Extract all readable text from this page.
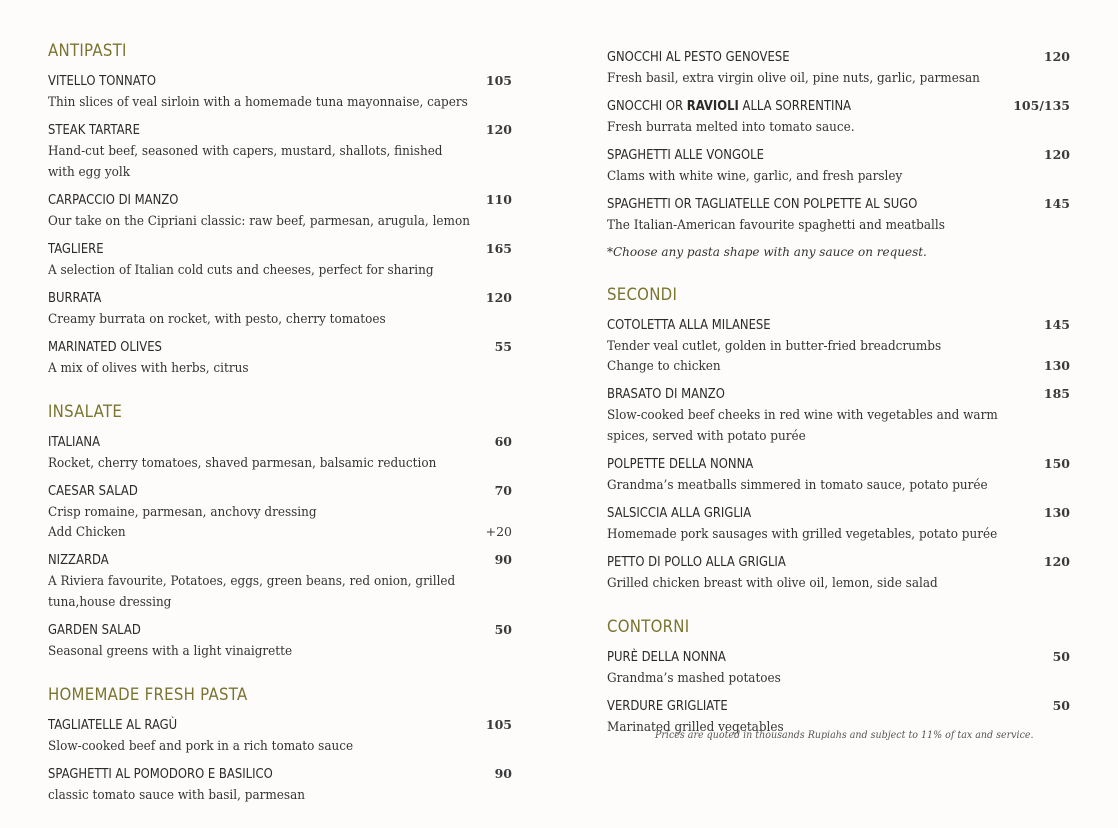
ANTIPASTI
VITELLO TONNATO	105
Thin slices of veal sirloin with a homemade tuna mayonnaise, capers
STEAK TARTARE	120
Hand-cut beef, seasoned with capers, mustard, shallots, finished
with egg yolk
CARPACCIO DI MANZO	110
Our take on the Cipriani classic: raw beef, parmesan, arugula, lemon
TAGLIERE	165
A selection of Italian cold cuts and cheeses, perfect for sharing
BURRATA	120
Creamy burrata on rocket, with pesto, cherry tomatoes
MARINATED OLIVES	55
A mix of olives with herbs, citrus
INSALATE
ITALIANA	60
Rocket, cherry tomatoes, shaved parmesan, balsamic reduction
CAESAR SALAD	70
Crisp romaine, parmesan, anchovy dressing
Add Chicken	+20
NIZZARDA	90
A Riviera favourite, Potatoes, eggs, green beans, red onion, grilled
tuna,house dressing
GARDEN SALAD	50
Seasonal greens with a light vinaigrette
HOMEMADE FRESH PASTA
TAGLIATELLE AL RAGÙ	105
Slow-cooked beef and pork in a rich tomato sauce
SPAGHETTI AL POMODORO E BASILICO	90
classic tomato sauce with basil, parmesan
GNOCCHI AL PESTO GENOVESE	120
Fresh basil, extra virgin olive oil, pine nuts, garlic, parmesan
GNOCCHI OR RAVIOLI ALLA SORRENTINA	105/135
Fresh burrata melted into tomato sauce.
SPAGHETTI ALLE VONGOLE	120
Clams with white wine, garlic, and fresh parsley
SPAGHETTI OR TAGLIATELLE CON POLPETTE AL SUGO	145
The Italian-American favourite spaghetti and meatballs
*Choose any pasta shape with any sauce on request.
SECONDI
COTOLETTA ALLA MILANESE	145
Tender veal cutlet, golden in butter-fried breadcrumbs
Change to chicken	130
BRASATO DI MANZO	185
Slow-cooked beef cheeks in red wine with vegetables and warm
spices, served with potato purée
POLPETTE DELLA NONNA	150
Grandma’s meatballs simmered in tomato sauce, potato purée
SALSICCIA ALLA GRIGLIA	130
Homemade pork sausages with grilled vegetables, potato purée
PETTO DI POLLO ALLA GRIGLIA	120
Grilled chicken breast with olive oil, lemon, side salad
CONTORNI
PURÈ DELLA NONNA	50
Grandma’s mashed potatoes
VERDURE GRIGLIATE	50
Marinated grilled vegetables
Prices are quoted in thousands Rupiahs and subject to 11% of tax and service.
